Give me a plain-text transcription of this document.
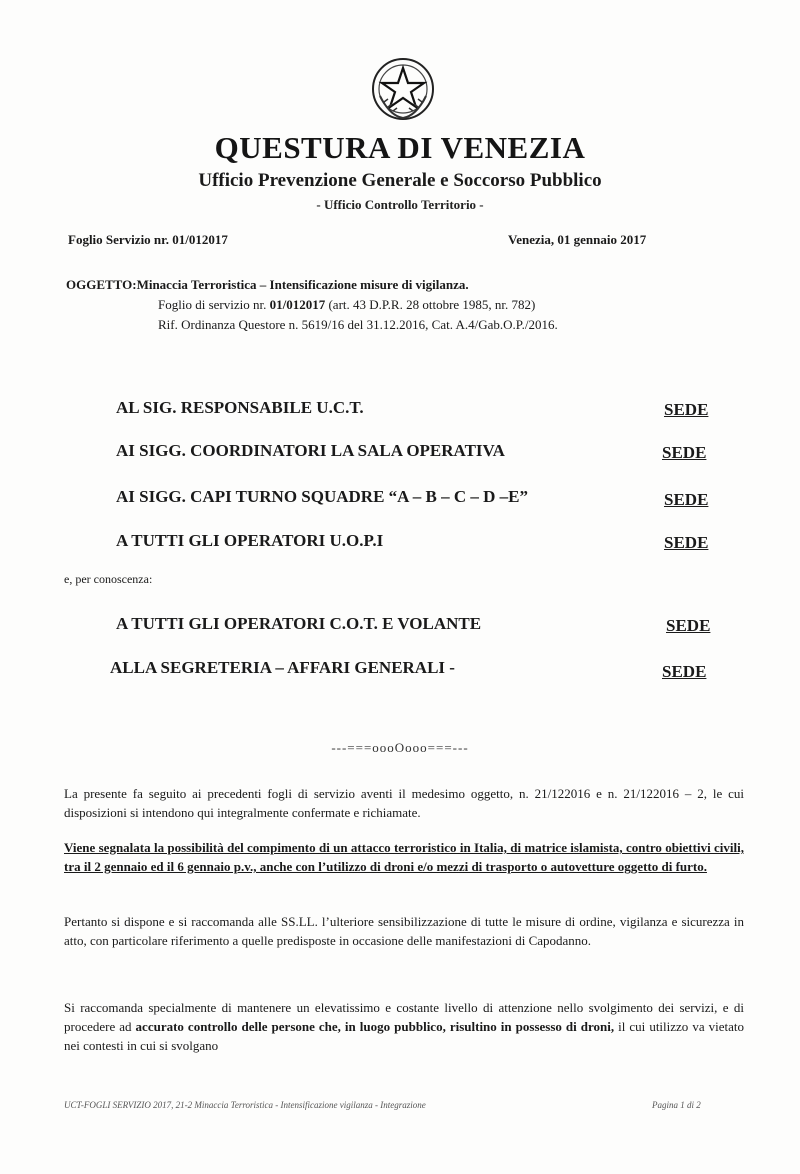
QUESTURA DI VENEZIA
Ufficio Prevenzione Generale e Soccorso Pubblico
- Ufficio Controllo Territorio -
Foglio Servizio nr. 01/012017	Venezia, 01 gennaio 2017
OGGETTO:Minaccia Terroristica – Intensificazione misure di vigilanza.
Foglio di servizio nr. 01/012017 (art. 43 D.P.R. 28 ottobre 1985, nr. 782)
Rif. Ordinanza Questore n. 5619/16 del 31.12.2016, Cat. A.4/Gab.O.P./2016.
AL SIG. RESPONSABILE U.C.T.	SEDE
AI SIGG. COORDINATORI LA SALA OPERATIVA	SEDE
AI SIGG. CAPI TURNO SQUADRE “A – B – C – D –E”	SEDE
A TUTTI GLI OPERATORI U.O.P.I	SEDE
A TUTTI GLI OPERATORI C.O.T. E VOLANTE	SEDE
ALLA SEGRETERIA – AFFARI GENERALI -	SEDE
e, per conoscenza:
---===oooOooo===---
La presente fa seguito ai precedenti fogli di servizio aventi il medesimo oggetto, n. 21/122016 e n. 21/122016 – 2, le cui disposizioni si intendono qui integralmente confermate e richiamate.
Viene segnalata la possibilità del compimento di un attacco terroristico in Italia, di matrice islamista, contro obiettivi civili, tra il 2 gennaio ed il 6 gennaio p.v., anche con l’utilizzo di droni e/o mezzi di trasporto o autovetture oggetto di furto.
Pertanto si dispone e si raccomanda alle SS.LL. l’ulteriore sensibilizzazione di tutte le misure di ordine, vigilanza e sicurezza in atto, con particolare riferimento a quelle predisposte in occasione delle manifestazioni di Capodanno.
Si raccomanda specialmente di mantenere un elevatissimo e costante livello di attenzione nello svolgimento dei servizi, e di procedere ad accurato controllo delle persone che, in luogo pubblico, risultino in possesso di droni, il cui utilizzo va vietato nei contesti in cui si svolgano
UCT-FOGLI SERVIZIO 2017, 21-2 Minaccia Terroristica - Intensificazione vigilanza - Integrazione	Pagina 1 di 2
